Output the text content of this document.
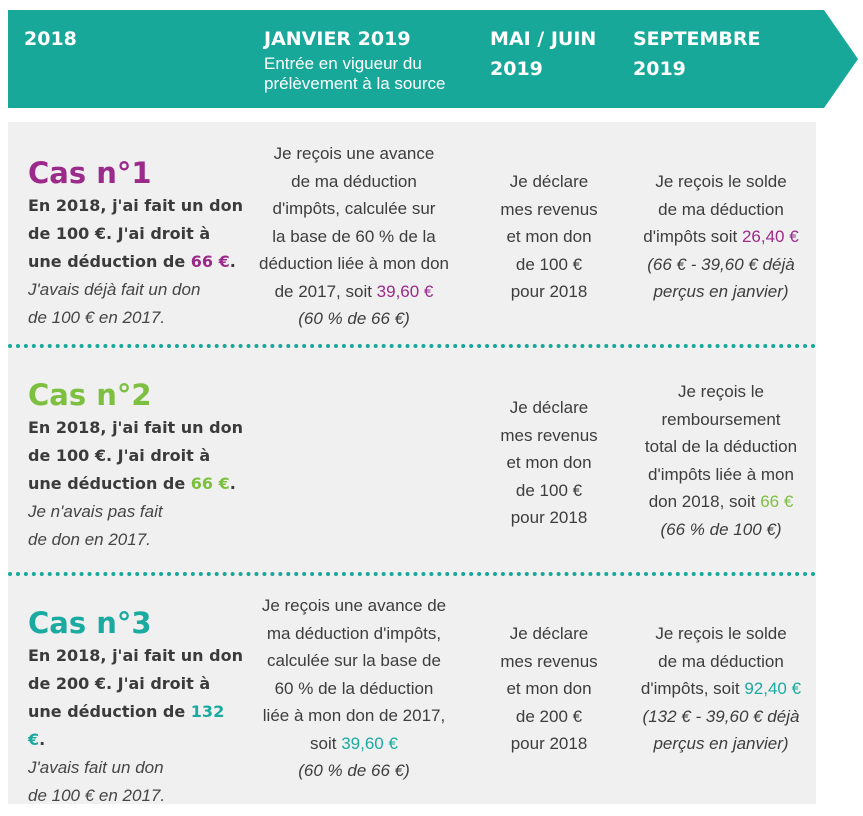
2018	JANVIER 2019
Entrée en vigueur du
prélèvement à la source
MAI / JUIN
2019
SEPTEMBRE
2019
Cas n°1
En 2018, j'ai fait un don
de 100 €. J'ai droit à
une déduction de 66 €.
J'avais déjà fait un don
de 100 € en 2017.
Je reçois une avance
de ma déduction
d'impôts, calculée sur
la base de 60 % de la
déduction liée à mon don
de 2017, soit 39,60 €
(60 % de 66 €)
Je déclare
mes revenus
et mon don
de 100 €
pour 2018
Je reçois le solde
de ma déduction
d'impôts soit 26,40 €
(66 € - 39,60 € déjà
perçus en janvier)
Cas n°2
En 2018, j'ai fait un don
de 100 €. J'ai droit à
une déduction de 66 €.
Je n'avais pas fait
de don en 2017.
Je déclare
mes revenus
et mon don
de 100 €
pour 2018
Je reçois le
remboursement
total de la déduction
d'impôts liée à mon
don 2018, soit 66 €
(66 % de 100 €)
Cas n°3
En 2018, j'ai fait un don
de 200 €. J'ai droit à
une déduction de 132 €.
J'avais fait un don
de 100 € en 2017.
Je reçois une avance de
ma déduction d'impôts,
calculée sur la base de
60 % de la déduction
liée à mon don de 2017,
soit 39,60 €
(60 % de 66 €)
Je déclare
mes revenus
et mon don
de 200 €
pour 2018
Je reçois le solde
de ma déduction
d'impôts, soit 92,40 €
(132 € - 39,60 € déjà
perçus en janvier)
